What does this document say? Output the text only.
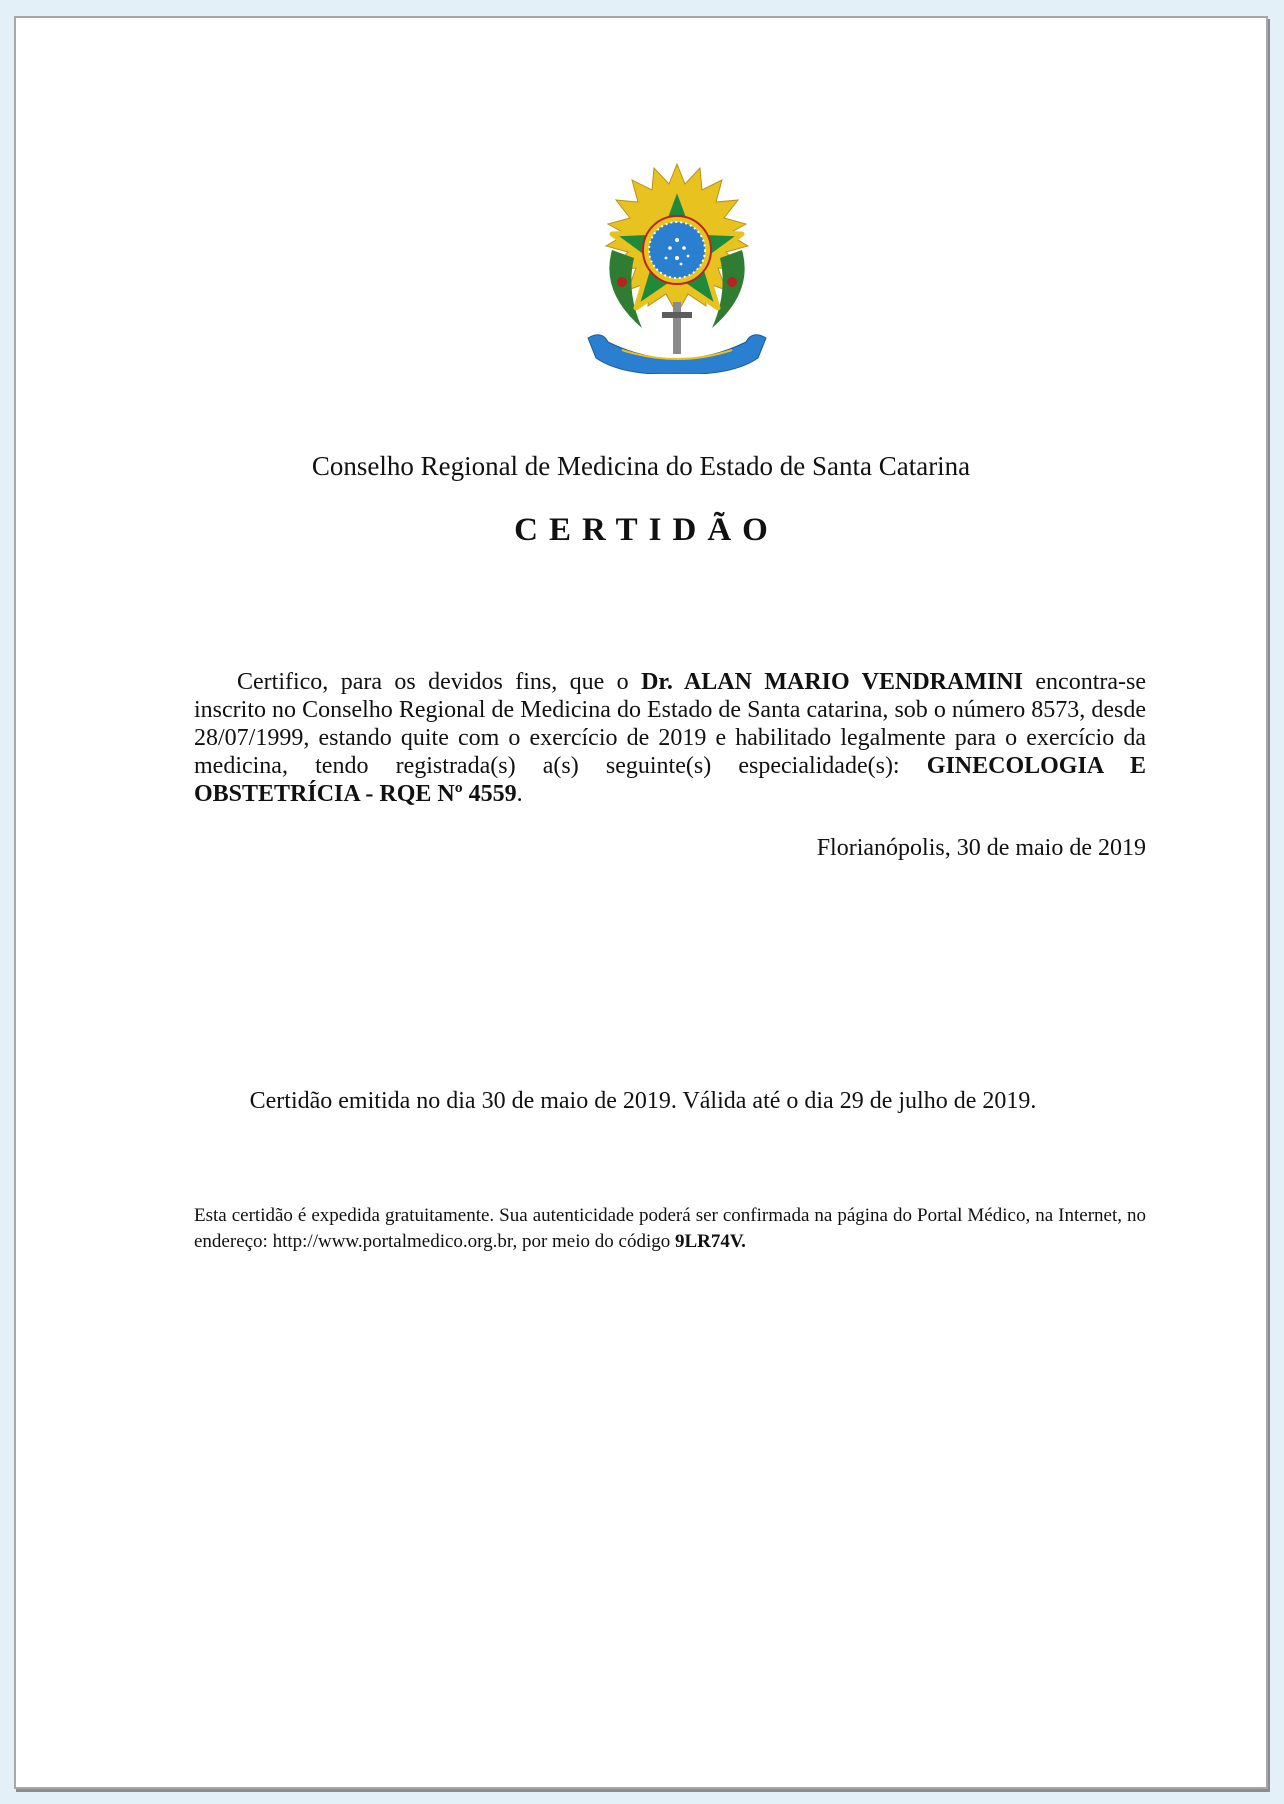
Conselho Regional de Medicina do Estado de Santa Catarina
CERTIDÃO

Certifico, para os devidos fins, que o Dr. ALAN MARIO VENDRAMINI encontra-se inscrito no Conselho Regional de Medicina do Estado de Santa catarina, sob o número 8573, desde 28/07/1999, estando quite com o exercício de 2019 e habilitado legalmente para o exercício da medicina, tendo registrada(s) a(s) seguinte(s) especialidade(s): GINECOLOGIA E OBSTETRÍCIA - RQE Nº 4559.

Florianópolis, 30 de maio de 2019
Certidão emitida no dia 30 de maio de 2019. Válida até o dia 29 de julho de 2019.

Esta certidão é expedida gratuitamente. Sua autenticidade poderá ser confirmada na página do Portal Médico, na Internet, no endereço: http://www.portalmedico.org.br, por meio do código 9LR74V.
